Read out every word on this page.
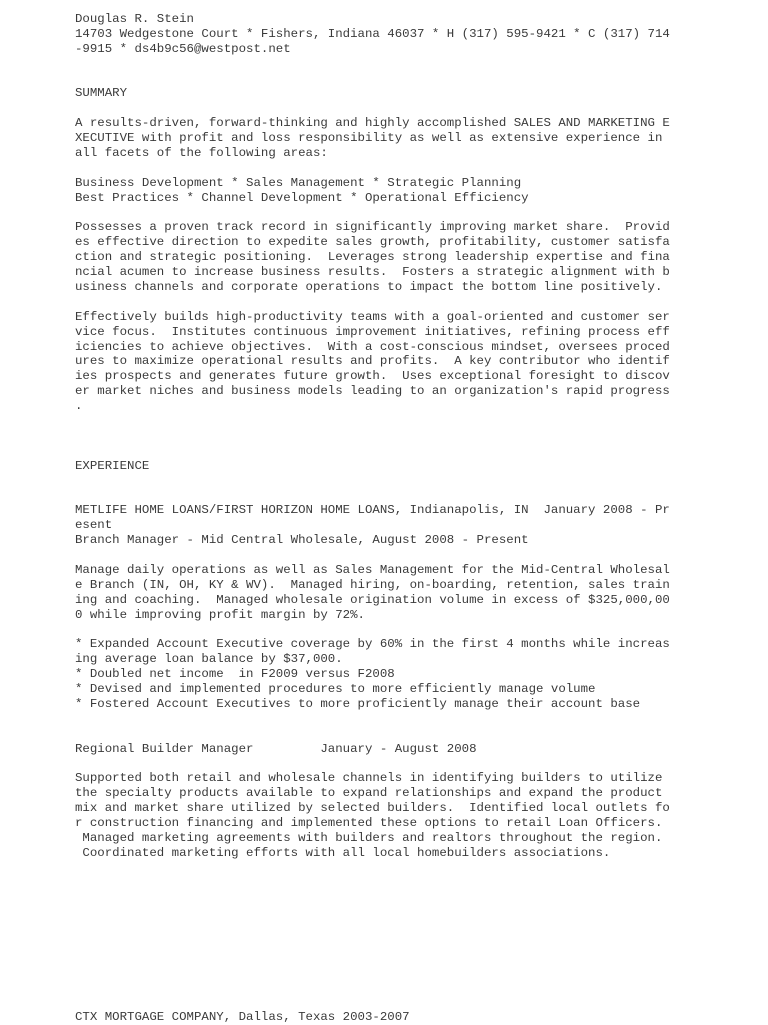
Douglas R. Stein
14703 Wedgestone Court * Fishers, Indiana 46037 * H (317) 595-9421 * C (317) 714
-9915 * ds4b9c56@westpost.net
SUMMARY
A results-driven, forward-thinking and highly accomplished SALES AND MARKETING E
XECUTIVE with profit and loss responsibility as well as extensive experience in
all facets of the following areas:
Business Development * Sales Management * Strategic Planning
Best Practices * Channel Development * Operational Efficiency
Possesses a proven track record in significantly improving market share.  Provid
es effective direction to expedite sales growth, profitability, customer satisfa
ction and strategic positioning.  Leverages strong leadership expertise and fina
ncial acumen to increase business results.  Fosters a strategic alignment with b
usiness channels and corporate operations to impact the bottom line positively.
Effectively builds high-productivity teams with a goal-oriented and customer ser
vice focus.  Institutes continuous improvement initiatives, refining process eff
iciencies to achieve objectives.  With a cost-conscious mindset, oversees proced
ures to maximize operational results and profits.  A key contributor who identif
ies prospects and generates future growth.  Uses exceptional foresight to discov
er market niches and business models leading to an organization's rapid progress
.
EXPERIENCE
METLIFE HOME LOANS/FIRST HORIZON HOME LOANS, Indianapolis, IN  January 2008 - Pr
esent
Branch Manager - Mid Central Wholesale, August 2008 - Present
Manage daily operations as well as Sales Management for the Mid-Central Wholesal
e Branch (IN, OH, KY & WV).  Managed hiring, on-boarding, retention, sales train
ing and coaching.  Managed wholesale origination volume in excess of $325,000,00
0 while improving profit margin by 72%.
* Expanded Account Executive coverage by 60% in the first 4 months while increas
ing average loan balance by $37,000.
* Doubled net income  in F2009 versus F2008
* Devised and implemented procedures to more efficiently manage volume
* Fostered Account Executives to more proficiently manage their account base
Regional Builder Manager         January - August 2008
Supported both retail and wholesale channels in identifying builders to utilize
the specialty products available to expand relationships and expand the product
mix and market share utilized by selected builders.  Identified local outlets fo
r construction financing and implemented these options to retail Loan Officers.
Managed marketing agreements with builders and realtors throughout the region.
Coordinated marketing efforts with all local homebuilders associations.
CTX MORTGAGE COMPANY, Dallas, Texas 2003-2007
